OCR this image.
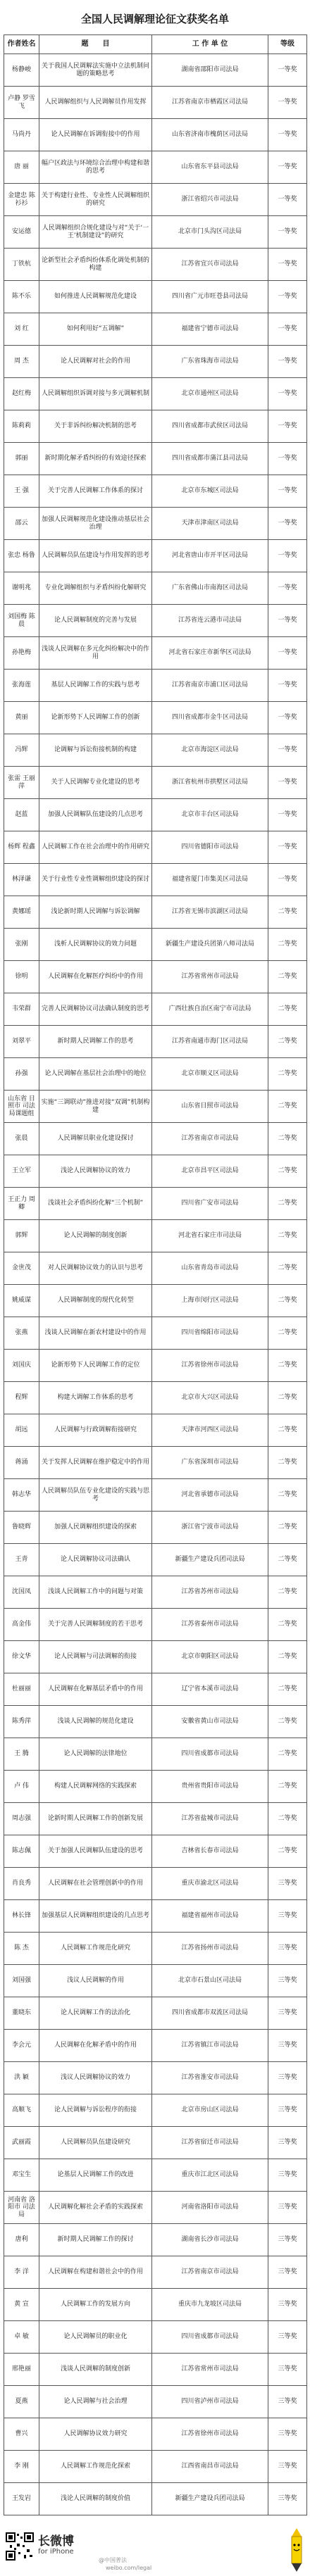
全国人民调解理论征文获奖名单
作者姓名	题　　目	工 作 单 位	等级
杨静峻	关于我国人民调解法实施中立法机制问题的策略思考	湖南省邵阳市司法局	一等奖
卢静 罗雪飞	人民调解组织与人民调解员作用发挥	江苏省南京市栖霞区司法局	一等奖
马尚丹	论人民调解在诉调衔接中的作用	山东省济南市槐荫区司法局	一等奖
唐 丽	幅户区政法与环境综合治理中构建和谐的思考	山东省东平县司法局	一等奖
金建忠 陈衫衫	关于构建行业性、专业性人民调解组织的研究	浙江省绍兴市司法局	一等奖
安运德	人民调解组织合规化建设与对“关于‘一王’机制建设”的研究	北京市门头沟区司法局	一等奖
丁铁杭	论新型社会矛盾纠纷体系化调处机制的构建	江苏省宜兴市司法局	一等奖
陈不乐	如何推进人民调解规范化建设	四川省广元市旺苍县司法局	一等奖
刘 红	如何利用好“五调解”	福建省宁德市司法局	一等奖
周 杰	论人民调解对社会的作用	广东省珠海市司法局	一等奖
赵红梅	人民调解组织诉调对接与多元调解机制	北京市通州区司法局	一等奖
陈莉莉	关于非诉纠纷解决机制的思考	四川省成都市武侯区司法局	一等奖
郭丽	新时期化解矛盾纠纷的有效途径探索	四川省成都市蒲江县司法局	一等奖
王 强	关于完善人民调解工作体系的探讨	北京市东城区司法局	一等奖
邵云	加强人民调解规范化建设推动基层社会治理	天津市津南区司法局	一等奖
张忠 杨鲁	人民调解员队伍建设与作用发挥的思考	河北省唐山市开平区司法局	一等奖
谢明兆	专业化调解组织与矛盾纠纷化解研究	广东省佛山市南海区司法局	一等奖
刘国梅 陈晨	论人民调解制度的完善与发展	江苏省连云港市司法局	一等奖
孙艳梅	浅谈人民调解在多元化纠纷解决中的作用	河北省石家庄市新华区司法局	一等奖
张海莲	基层人民调解工作的实践与思考	江苏省南京市浦口区司法局	一等奖
黄丽	论新形势下人民调解工作的创新	四川省成都市金牛区司法局	一等奖
冯辉	论调解与诉讼衔接机制的构建	北京市海淀区司法局	一等奖
张雷 王丽萍	关于人民调解专业化建设的思考	浙江省杭州市拱墅区司法局	一等奖
赵蓝	加强人民调解队伍建设的几点思考	北京市丰台区司法局	一等奖
杨辉 程鑫	人民调解工作在社会治理中的作用研究	四川省德阳市司法局	一等奖
林泽谦	关于行业性专业性调解组织建设的探讨	福建省厦门市集美区司法局	一等奖
黄娜瑶	浅论新时期人民调解与诉讼调解	江苏省无锡市滨湖区司法局	二等奖
张刚	浅析人民调解协议的效力问题	新疆生产建设兵团第八师司法局	二等奖
徐明	人民调解在化解医疗纠纷中的作用	江苏省常州市司法局	二等奖
韦荣群	完善人民调解协议司法确认制度的思考	广西壮族自治区南宁市司法局	二等奖
刘翠平	新时期人民调解工作的思考	江苏省南通市海门区司法局	二等奖
孙强	论人民调解在基层社会治理中的地位	北京市顺义区司法局	二等奖
山东省 日照市 司法局课题组	实施“三调联动”推进对接“双调”机制构建	山东省日照市司法局	二等奖
张晨	人民调解员职业化建设探讨	江苏省南京市司法局	二等奖
王立军	浅论人民调解协议的效力	北京市昌平区司法局	二等奖
王正力 周卿	浅谈社会矛盾纠纷化解“三个机制”	四川省广安市司法局	二等奖
郭辉	论人民调解的制度创新	河北省石家庄市司法局	二等奖
金世茂	对人民调解协议效力的认识与思考	山东省青岛市司法局	二等奖
姚威谋	人民调解制度的现代化转型	上海市闵行区司法局	二等奖
张燕	浅谈人民调解在新农村建设中的作用	四川省绵阳市司法局	二等奖
刘国庆	论新形势下人民调解工作的定位	江苏省徐州市司法局	二等奖
程辉	构建大调解工作体系的思考	北京市大兴区司法局	二等奖
胡远	人民调解与行政调解衔接研究	天津市河西区司法局	二等奖
蒋涌	关于发挥人民调解在维护稳定中的作用	广东省深圳市司法局	二等奖
韩志华	人民调解员队伍专业化建设的实践与思考	河北省承德市司法局	二等奖
鲁晓辉	加强人民调解组织建设的探索	浙江省宁波市司法局	二等奖
王青	论人民调解协议司法确认	新疆生产建设兵团司法局	二等奖
沈国凤	浅谈人民调解工作中的问题与对策	江苏省苏州市司法局	二等奖
高金伟	关于完善人民调解制度的若干思考	江苏省泰州市司法局	二等奖
徐文华	论人民调解与司法调解的衔接	北京市朝阳区司法局	二等奖
杜丽丽	人民调解在化解基层矛盾中的作用	辽宁省本溪市司法局	二等奖
陈秀萍	浅谈人民调解的规范化建设	安徽省黄山市司法局	二等奖
王 腾	论人民调解的法律地位	四川省成都市司法局	二等奖
卢 伟	构建人民调解网络的实践探索	贵州省贵阳市司法局	二等奖
周志强	论新时期人民调解工作的创新发展	江苏省盐城市司法局	二等奖
陈志佩	关于加强人民调解队伍建设的思考	吉林省长春市司法局	二等奖
肖良秀	人民调解在社会管理创新中的作用	重庆市渝北区司法局	三等奖
林长锋	加强基层人民调解组织建设的几点思考	福建省福州市司法局	三等奖
陈 杰	人民调解工作规范化研究	江苏省扬州市司法局	三等奖
刘国强	浅议人民调解的作用	北京市石景山区司法局	三等奖
董晓东	论人民调解工作的法治化	四川省成都市双流区司法局	三等奖
李会元	人民调解在化解矛盾中的作用	江苏省镇江市司法局	三等奖
洪 颖	浅议人民调解协议的效力	江苏省淮安市司法局	三等奖
高顺飞	论人民调解与诉讼程序的衔接	北京市房山区司法局	三等奖
武丽霞	人民调解员队伍建设研究	江苏省宿迁市司法局	三等奖
邓宝生	论基层人民调解工作的改进	重庆市江北区司法局	三等奖
河南省 洛阳市 司法局	人民调解化解社会矛盾的实践探索	河南省洛阳市司法局	三等奖
唐利	新时期人民调解工作的探讨	湖南省长沙市司法局	三等奖
李 洋	人民调解在构建和谐社会中的作用	江苏省南京市司法局	三等奖
黄 宣	人民调解工作的发展方向	重庆市九龙坡区司法局	三等奖
卓 敏	论人民调解员的职业化	四川省成都市司法局	三等奖
邢艳丽	浅谈人民调解的制度创新	江苏省常州市司法局	三等奖
夏燕	论人民调解与社会治理	四川省泸州市司法局	三等奖
曹兴	人民调解协议效力研究	江苏省徐州市司法局	三等奖
李 刚	人民调解工作规范化探索	江西省南昌市司法局	三等奖
王发岩	浅论人民调解的制度价值	新疆生产建设兵团司法局	三等奖
长微博
for iPhone
@中国普法
weibo.com/legal
